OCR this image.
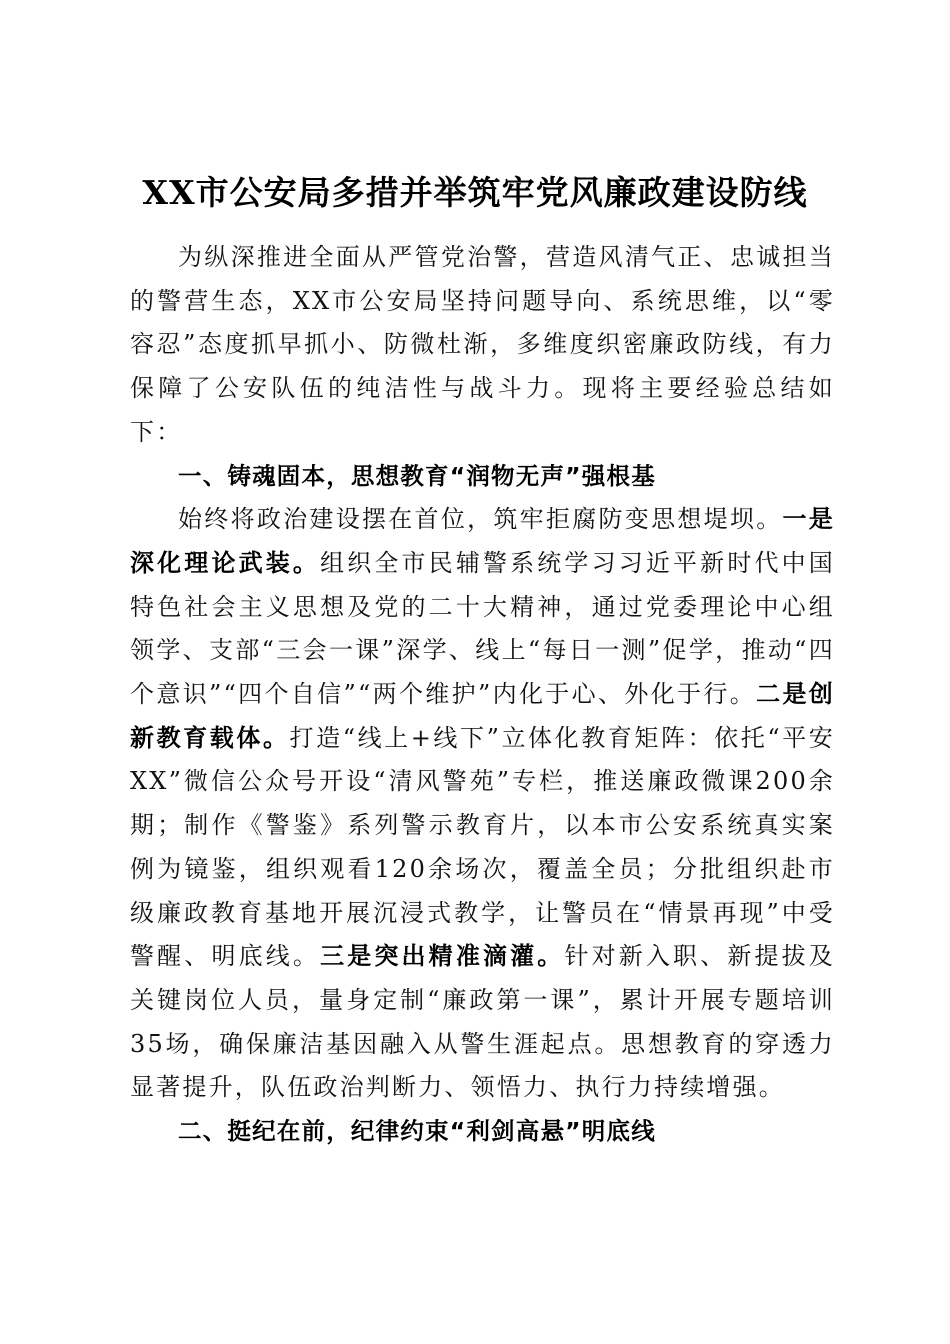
XX市公安局多措并举筑牢党风廉政建设防线

为纵深推进全面从严管党治警，营造风清气正、忠诚担当的警营生态，XX市公安局坚持问题导向、系统思维，以“零容忍”态度抓早抓小、防微杜渐，多维度织密廉政防线，有力保障了公安队伍的纯洁性与战斗力。现将主要经验总结如下：

一、铸魂固本，思想教育“润物无声”强根基

始终将政治建设摆在首位，筑牢拒腐防变思想堤坝。一是深化理论武装。组织全市民辅警系统学习习近平新时代中国特色社会主义思想及党的二十大精神，通过党委理论中心组领学、支部“三会一课”深学、线上“每日一测”促学，推动“四个意识”“四个自信”“两个维护”内化于心、外化于行。二是创新教育载体。打造“线上+线下”立体化教育矩阵：依托“平安XX”微信公众号开设“清风警苑”专栏，推送廉政微课200余期；制作《警鉴》系列警示教育片，以本市公安系统真实案例为镜鉴，组织观看120余场次，覆盖全员；分批组织赴市级廉政教育基地开展沉浸式教学，让警员在“情景再现”中受警醒、明底线。三是突出精准滴灌。针对新入职、新提拔及关键岗位人员，量身定制“廉政第一课”，累计开展专题培训35场，确保廉洁基因融入从警生涯起点。思想教育的穿透力显著提升，队伍政治判断力、领悟力、执行力持续增强。

二、挺纪在前，纪律约束“利剑高悬”明底线
